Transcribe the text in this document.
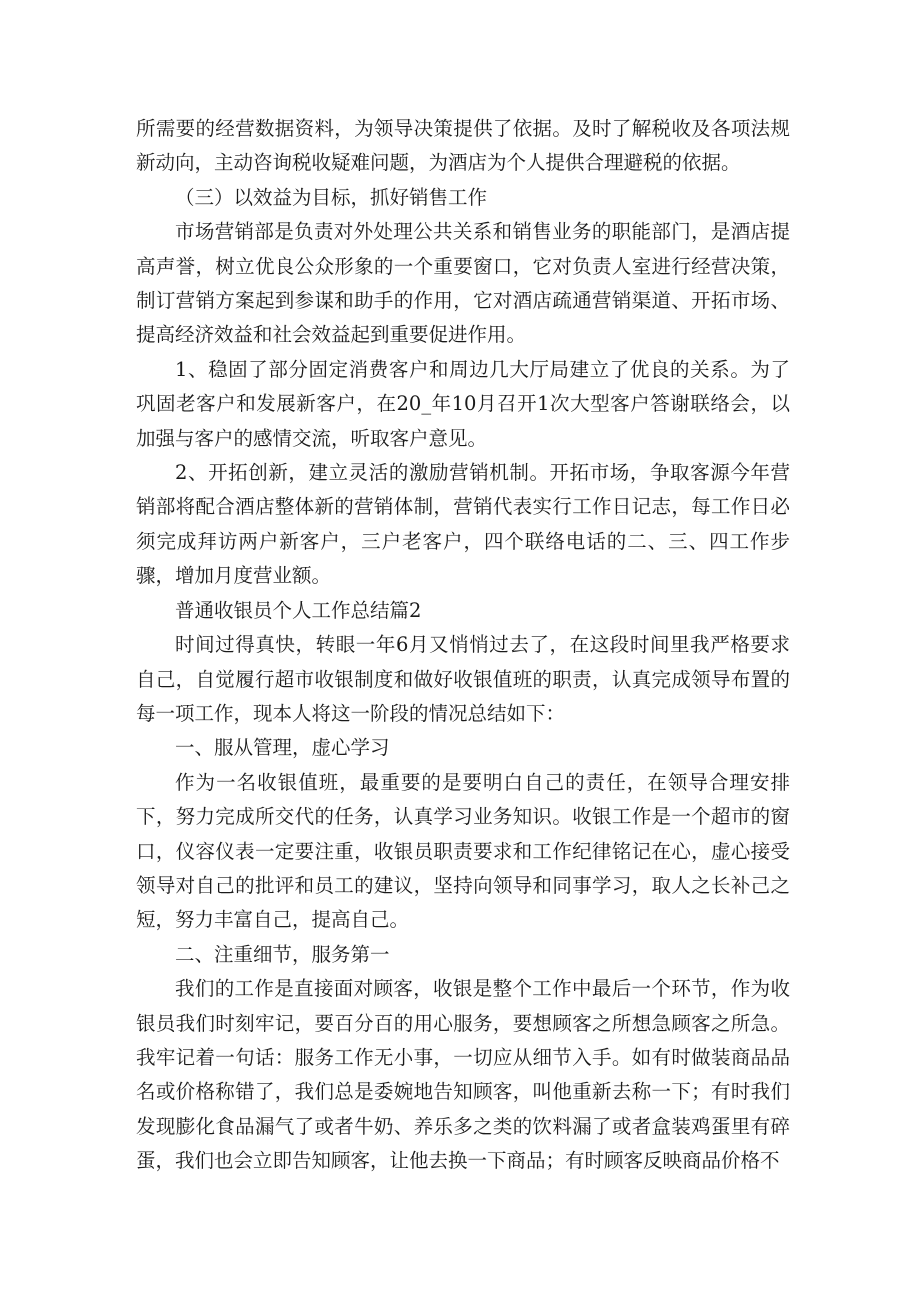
所需要的经营数据资料，为领导决策提供了依据。及时了解税收及各项法规新动向，主动咨询税收疑难问题，为酒店为个人提供合理避税的依据。

（三）以效益为目标，抓好销售工作

市场营销部是负责对外处理公共关系和销售业务的职能部门，是酒店提高声誉，树立优良公众形象的一个重要窗口，它对负责人室进行经营决策，制订营销方案起到参谋和助手的作用，它对酒店疏通营销渠道、开拓市场、提高经济效益和社会效益起到重要促进作用。

1、稳固了部分固定消费客户和周边几大厅局建立了优良的关系。为了巩固老客户和发展新客户，在20_年10月召开1次大型客户答谢联络会，以加强与客户的感情交流，听取客户意见。

2、开拓创新，建立灵活的激励营销机制。开拓市场，争取客源今年营销部将配合酒店整体新的营销体制，营销代表实行工作日记志，每工作日必须完成拜访两户新客户，三户老客户，四个联络电话的二、三、四工作步骤，增加月度营业额。

普通收银员个人工作总结篇2

时间过得真快，转眼一年6月又悄悄过去了，在这段时间里我严格要求自己，自觉履行超市收银制度和做好收银值班的职责，认真完成领导布置的每一项工作，现本人将这一阶段的情况总结如下：

一、服从管理，虚心学习

作为一名收银值班，最重要的是要明白自己的责任，在领导合理安排下，努力完成所交代的任务，认真学习业务知识。收银工作是一个超市的窗口，仪容仪表一定要注重，收银员职责要求和工作纪律铭记在心，虚心接受领导对自己的批评和员工的建议，坚持向领导和同事学习，取人之长补己之短，努力丰富自己，提高自己。

二、注重细节，服务第一

我们的工作是直接面对顾客，收银是整个工作中最后一个环节，作为收银员我们时刻牢记，要百分百的用心服务，要想顾客之所想急顾客之所急。我牢记着一句话：服务工作无小事，一切应从细节入手。如有时做装商品品名或价格称错了，我们总是委婉地告知顾客，叫他重新去称一下；有时我们发现膨化食品漏气了或者牛奶、养乐多之类的饮料漏了或者盒装鸡蛋里有碎蛋，我们也会立即告知顾客，让他去换一下商品；有时顾客反映商品价格不
